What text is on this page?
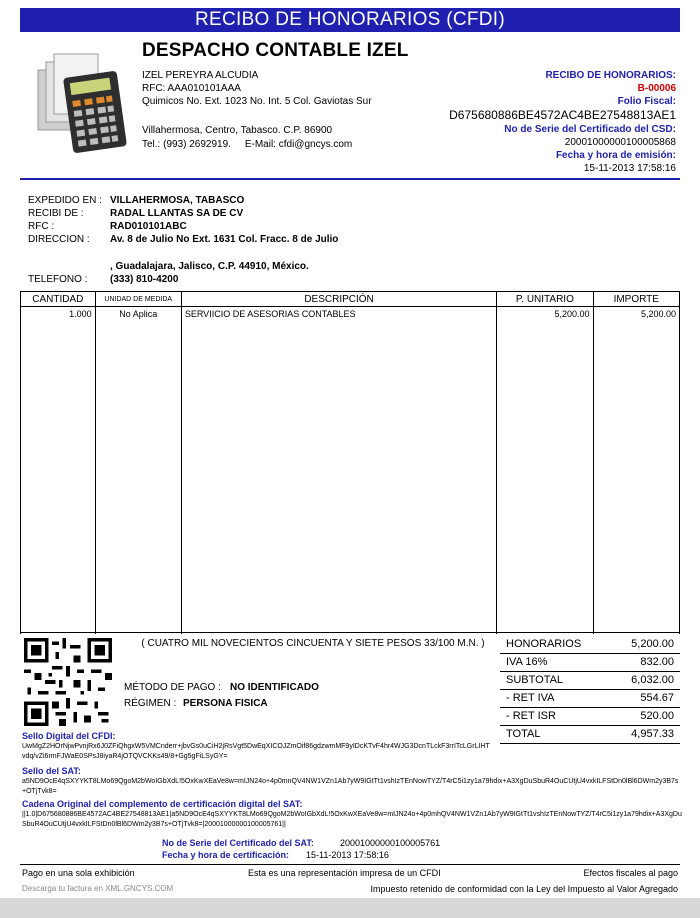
RECIBO DE HONORARIOS (CFDI)
DESPACHO CONTABLE IZEL
IZEL PEREYRA ALCUDIA
RFC: AAA010101AAA
Quimicos No. Ext. 1023 No. Int. 5 Col. Gaviotas Sur
Villahermosa, Centro, Tabasco. C.P. 86900
Tel.: (993) 2692919.     E-Mail: cfdi@gncys.com
RECIBO DE HONORARIOS:
B-00006
Folio Fiscal:
D675680886BE4572AC4BE27548813AE1
No de Serie del Certificado del CSD:
20001000000100005868
Fecha y hora de emisión:
15-11-2013 17:58:16
EXPEDIDO EN : VILLAHERMOSA, TABASCO
RECIBI DE :	RADAL LLANTAS SA DE CV
RFC :	RAD010101ABC
DIRECCION : Av. 8 de Julio No Ext. 1631 Col. Fracc. 8 de Julio
, Guadalajara, Jalisco, C.P. 44910, México.
TELEFONO : (333) 810-4200
CANTIDAD	UNIDAD DE MEDIDA	DESCRIPCIÓN	P. UNITARIO	IMPORTE
1.000	No Aplica	SERVIICIO DE ASESORIAS CONTABLES	5,200.00	5,200.00
( CUATRO MIL NOVECIENTOS CINCUENTA Y SIETE PESOS 33/100 M.N. )
MÉTODO DE PAGO : NO IDENTIFICADO
RÉGIMEN : PERSONA FISICA
HONORARIOS	5,200.00
IVA 16%	832.00
SUBTOTAL	6,032.00
- RET IVA	554.67
- RET ISR	520.00
TOTAL	4,957.33
Sello Digital del CFDI:
UwMgZ2HOrNjwPvnjRx6J0ZFiQhgxW5VMCnderr+jbvGs0uCiH2jRsVgt5DwEqXICOJZmOif86gdzwmMF9yIDcKTvF4hr4WJG3DcnTLckF3rrITcLGrLIHTvdq/vZi6rmFJWaE0SPsJ8iyaR4jOTQVCKKs49/8+Gg5gFiLSyGY=
Sello del SAT:
a5ND9OcE4qSXYYKT8LMo69QgoM2bWoIGbXdL!5OxKwXEaVe8w=mIJN24o+4p0mnQV4NW1VZn1Ab7yW9IGtTt1vshIzTEnNowTYZ/T4rC5i1zy1a79hdix+A3XgDuSbuR4OuCUtjU4vxkILFStDn0lBl6DWm2y3B7s+OTjTvk8=
Cadena Original del complemento de certificación digital del SAT:
||1.0|D675680886BE4572AC4BE27548813AE1|a5ND9OcE4qSXYYKT8LMo69QgoM2bWoIGbXdL!5OxKwXEaVe8w=mIJN24o+4p0mhQV4NW1VZn1Ab7yW9IGtTt1vshIzTEnNowTYZ/T4rC5i1zy1a79hdix+A3XgDuSbuR4OuCUtjU4vxkILFStDn0lBl6DWm2y3B7s+OTjTvk8=|20001000000100005761||
No de Serie del Certificado del SAT:	20001000000100005761
Fecha y hora de certificación: 15-11-2013 17:58:16
Pago en una sola exhibición	Esta es una representación impresa de un CFDI	Efectos fiscales al pago
Descarga tu factura en XML.GNCYS.COM	Impuesto retenido de conformidad con la Ley del Impuesto al Valor Agregado
